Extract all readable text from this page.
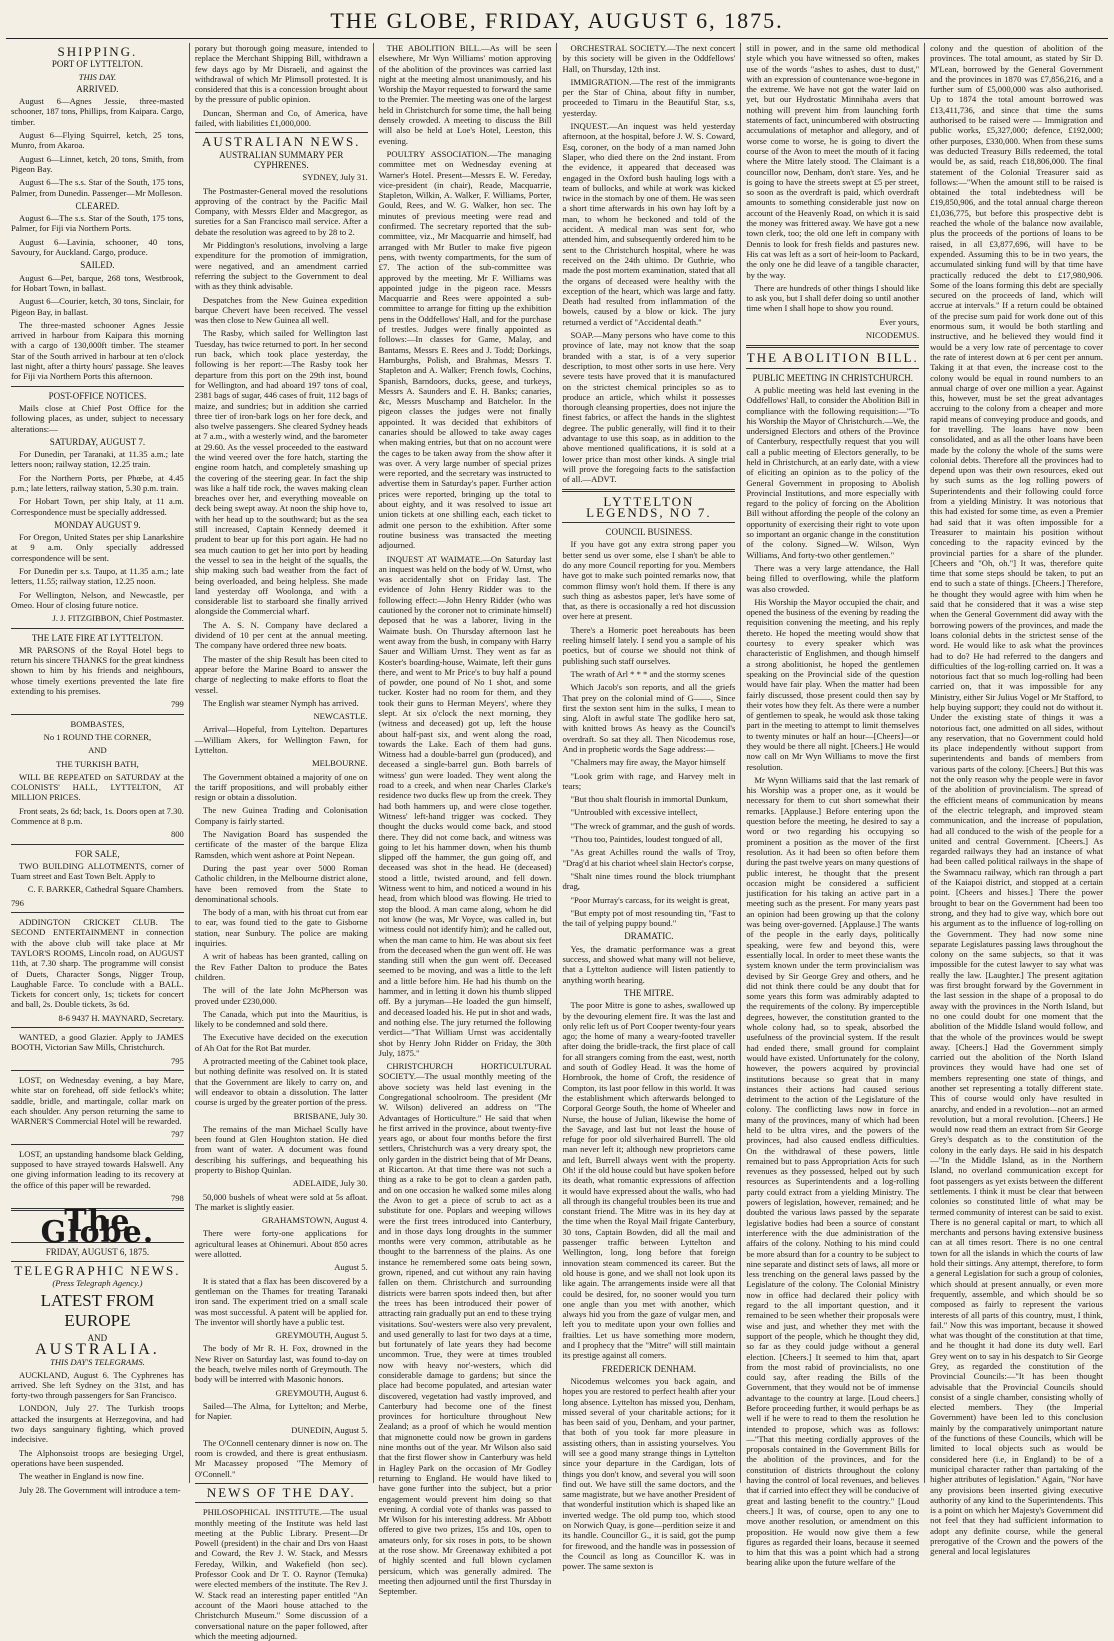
THE GLOBE, FRIDAY, AUGUST 6, 1875.
SHIPPING.
PORT OF LYTTELTON.
THIS DAY.
ARRIVED.

August 6—Agnes Jessie, three-masted schooner, 187 tons, Phillips, from Kaipara. Cargo, timber.

August 6—Flying Squirrel, ketch, 25 tons, Munro, from Akaroa.

August 6—Linnet, ketch, 20 tons, Smith, from Pigeon Bay.

August 6—The s.s. Star of the South, 175 tons, Palmer, from Dunedin. Passenger—Mr Molleson.

CLEARED.

August 6—The s.s. Star of the South, 175 tons, Palmer, for Fiji via Northern Ports.

August 6—Lavinia, schooner, 40 tons, Savoury, for Auckland. Cargo, produce.

SAILED.

August 6—Pet, barque, 268 tons, Westbrook, for Hobart Town, in ballast.

August 6—Courier, ketch, 30 tons, Sinclair, for Pigeon Bay, in ballast.

The three-masted schooner Agnes Jessie arrived in harbour from Kaipara this morning with a cargo of 130,000ft timber. The steamer Star of the South arrived in harbour at ten o'clock last night, after a thirty hours' passage. She leaves for Fiji via Northern Ports this afternoon.

POST-OFFICE NOTICES.

Mails close at Chief Post Office for the following places, as under, subject to necessary alterations:—

SATURDAY, AUGUST 7.

For Dunedin, per Taranaki, at 11.35 a.m.; late letters noon; railway station, 12.25 train.

For the Northern Ports, per Phœbe, at 4.45 p.m.; late letters, railway station, 5.30 p.m. train.

For Hobart Town, per ship Italy, at 11 a.m. Correspondence must be specially addressed.

MONDAY AUGUST 9.

For Oregon, United States per ship Lanarkshire at 9 a.m. Only specially addressed correspondence will be sent.

For Dunedin per s.s. Taupo, at 11.35 a.m.; late letters, 11.55; railway station, 12.25 noon.

For Wellington, Nelson, and Newcastle, per Omeo. Hour of closing future notice.

J. J. FITZGIBBON, Chief Postmaster.

THE LATE FIRE AT LYTTELTON.

MR PARSONS of the Royal Hotel begs to return his sincere THANKS for the great kindness shown to him by his friends and neighbours, whose timely exertions prevented the late fire extending to his premises.

799

BOMBASTES,

No 1 ROUND THE CORNER,

AND

THE TURKISH BATH,

WILL BE REPEATED on SATURDAY at the COLONISTS' HALL, LYTTELTON, AT MILLION PRICES.

Front seats, 2s 6d; back, 1s. Doors open at 7.30. Commence at 8 p.m.

800

FOR SALE,

TWO BUILDING ALLOTMENTS, corner of Tuam street and East Town Belt. Apply to

C. F. BARKER, Cathedral Square Chambers.

796

ADDINGTON CRICKET CLUB. The SECOND ENTERTAINMENT in connection with the above club will take place at Mr TAYLOR'S ROOMS, Lincoln road, on AUGUST 11th, at 7.30 sharp. The programme will consist of Duets, Character Songs, Nigger Troup, Laughable Farce. To conclude with a BALL. Tickets for concert only, 1s; tickets for concert and ball, 2s. Double tickets, 3s 6d.

8-6 9437 H. MAYNARD, Secretary.

WANTED, a good Glazier. Apply to JAMES BOOTH, Victorian Saw Mills, Christchurch.

795

LOST, on Wednesday evening, a bay Mare, white star on forehead, off side fetlock's white; saddle, bridle, and martingale, collar mark on each shoulder. Any person returning the same to WARNER'S Commercial Hotel will be rewarded.

797

LOST, an upstanding handsome black Gelding, supposed to have strayed towards Halswell. Any one giving information leading to its recovery at the office of this paper will be rewarded.

798

The Globe.
FRIDAY, AUGUST 6, 1875.
TELEGRAPHIC NEWS.
(Press Telegraph Agency.)
LATEST FROM EUROPE
AND
AUSTRALIA.
THIS DAY'S TELEGRAMS.

AUCKLAND, August 6. The Cyphrenes has arrived. She left Sydney on the 31st, and has forty-two through passengers for San Francisco.

LONDON, July 27. The Turkish troops attacked the insurgents at Herzegovina, and had two days sanguinary fighting, which proved indecisive.

The Alphonsoist troops are besieging Urgel, operations have been suspended.

The weather in England is now fine.

July 28. The Government will introduce a tem-

porary but thorough going measure, intended to replace the Merchant Shipping Bill, withdrawn a few days ago by Mr Disraeli, and against the withdrawal of which Mr Plimsoll protested. It is considered that this is a concession brought about by the pressure of public opinion.

Duncan, Sherman and Co, of America, have failed, with liabilities £1,000,000.

AUSTRALIAN NEWS.
AUSTRALIAN SUMMARY PER CYPHRENES.

SYDNEY, July 31.

The Postmaster-General moved the resolutions approving of the contract by the Pacific Mail Company, with Messrs Elder and Macgregor, as sureties for a San Francisco mail service. After a debate the resolution was agreed to by 28 to 2.

Mr Piddington's resolutions, involving a large expenditure for the promotion of immigration, were negatived, and an amendment carried referring the subject to the Government to deal with as they think advisable.

Despatches from the New Guinea expedition barque Chevert have been received. The vessel was then close to New Guinea all well.

The Rasby, which sailed for Wellington last Tuesday, has twice returned to port. In her second run back, which took place yesterday, the following is her report:—The Rasby took her departure from this port on the 29th inst, bound for Wellington, and had aboard 197 tons of coal, 2381 bags of sugar, 446 cases of fruit, 112 bags of maize, and sundries; but in addition she carried three tier of iron-bark logs on her fore deck, and also twelve passengers. She cleared Sydney heads at 7 a.m., with a westerly wind, and the barometer at 29.60. As the vessel proceeded to the eastward the wind veered over the fore hatch, starting the engine room hatch, and completely smashing up the covering of the steering gear. In fact the ship was like a half tide rock, the waves making clean breaches over her, and everything moveable on deck being swept away. At noon the ship hove to, with her head up to the southward; but as the sea still increased, Captain Kennedy deemed it prudent to bear up for this port again. He had no sea much caution to get her into port by heading the vessel to sea in the height of the squalls, the ship making such bad weather from the fact of being overloaded, and being helpless. She made land yesterday off Woolonga, and with a considerable list to starboard she finally arrived alongside the Commercial wharf.

The A. S. N. Company have declared a dividend of 10 per cent at the annual meeting. The company have ordered three new boats.

The master of the ship Result has been cited to appear before the Marine Board to answer the charge of neglecting to make efforts to float the vessel.

The English war steamer Nymph has arrived.

NEWCASTLE.

Arrival—Hopeful, from Lyttelton. Departures—William Akers, for Wellington Fawn, for Lyttelton.

MELBOURNE.

The Government obtained a majority of one on the tariff propositions, and will probably either resign or obtain a dissolution.

The new Guinea Trading and Colonisation Company is fairly started.

The Navigation Board has suspended the certificate of the master of the barque Eliza Ramsden, which went ashore at Point Nepean.

During the past year over 5000 Roman Catholic children, in the Melbourne district alone, have been removed from the State to denominational schools.

The body of a man, with his throat cut from ear to ear, was found tied to the gate to Gisborne station, near Sunbury. The police are making inquiries.

A writ of habeas has been granted, calling on the Rev Father Dalton to produce the Bates children.

The will of the late John McPherson was proved under £230,000.

The Canada, which put into the Mauritius, is likely to be condemned and sold there.

The Executive have decided on the execution of Ah Oat for the Rot Bat murder.

A protracted meeting of the Cabinet took place, but nothing definite was resolved on. It is stated that the Government are likely to carry on, and will endeavor to obtain a dissolution. The latter course is urged by the greater portion of the press.

BRISBANE, July 30.

The remains of the man Michael Scully have been found at Glen Houghton station. He died from want of water. A document was found describing his sufferings, and bequeathing his property to Bishop Quinlan.

ADELAIDE, July 30.

50,000 bushels of wheat were sold at 5s afloat. The market is slightly easier.

GRAHAMSTOWN, August 4.

There were forty-one applications for agricultural leases at Ohinemuri. About 850 acres were allotted.

August 5.

It is stated that a flax has been discovered by a gentleman on the Thames for treating Taranaki iron sand. The experiment tried on a small scale was most successful. A patent will be applied for. The inventor will shortly have a public test.

GREYMOUTH, August 5.

The body of Mr R. H. Fox, drowned in the New River on Saturday last, was found to-day on the beach, twelve miles north of Greymouth. The body will be interred with Masonic honors.

GREYMOUTH, August 6.

Sailed—The Alma, for Lyttelton; and Merbe, for Napier.

DUNEDIN, August 5.

The O'Connell centenary dinner is now on. The room is crowded, and there is great enthusiasm. Mr Macassey proposed "The Memory of O'Connell."

NEWS OF THE DAY.

PHILOSOPHICAL INSTITUTE.—The usual monthly meeting of the Institute was held last meeting at the Public Library. Present—Dr Powell (president) in the chair and Drs von Haast and Coward, the Rev J. W. Stack, and Messrs Fereday, Wilkin, and Wakefield (hon sec). Professor Cook and Dr T. O. Raynor (Temuka) were elected members of the institute. The Rev J. W. Stack read an interesting paper entitled "An account of the Maori house attached to the Christchurch Museum." Some discussion of a conversational nature on the paper followed, after which the meeting adjourned.

THE ABOLITION BILL.—As will be seen elsewhere, Mr Wyn Williams' motion approving of the abolition of the provinces was carried last night at the meeting almost unanimously, and his Worship the Mayor requested to forward the same to the Premier. The meeting was one of the largest held in Christchurch for some time, the hall being densely crowded. A meeting to discuss the Bill will also be held at Loe's Hotel, Leeston, this evening.

POULTRY ASSOCIATION.—The managing committee met on Wednesday evening at Warner's Hotel. Present—Messrs E. W. Fereday, vice-president (in chair), Reade, Macquarrie, Stapleton, Wilkin, A. Walker, F. Williams, Porter, Gould, Rees, and W. G. Walker, hon sec. The minutes of previous meeting were read and confirmed. The secretary reported that the sub-committee, viz., Mr Macquarrie and himself, had arranged with Mr Butler to make five pigeon pens, with twenty compartments, for the sum of £7. The action of the sub-committee was approved by the meeting. Mr F. Williams was appointed judge in the pigeon race. Messrs Macquarrie and Rees were appointed a sub-committee to arrange for fitting up the exhibition pens in the Oddfellows' Hall, and for the purchase of trestles. Judges were finally appointed as follows:—In classes for Game, Malay, and Bantams, Messrs E. Rees and J. Todd; Dorkings, Hamburghs, Polish, and Brahmas, Messrs T. Stapleton and A. Walker; French fowls, Cochins, Spanish, Barndoors, ducks, geese, and turkeys, Messrs A. Saunders and E. H. Banks; canaries, &c, Messrs Muschamp and Batchelor. In the pigeon classes the judges were not finally appointed. It was decided that exhibitors of canaries should be allowed to take away cages when making entries, but that on no account were the cages to be taken away from the show after it was over. A very large number of special prizes were reported, and the secretary was instructed to advertise them in Saturday's paper. Further action prices were reported, bringing up the total to about eighty, and it was resolved to issue art union tickets at one shilling each, each ticket to admit one person to the exhibition. After some routine business was transacted the meeting adjourned.

INQUEST AT WAIMATE.—On Saturday last an inquest was held on the body of W. Urnst, who was accidentally shot on Friday last. The evidence of John Henry Ridder was to the following effect:—John Henry Ridder (who was cautioned by the coroner not to criminate himself) deposed that he was a laborer, living in the Waimate bush. On Thursday afternoon last he went away from the bush, in company with Harry Sauer and William Urnst. They went as far as Koster's boarding-house, Waimate, left their guns there, and went to Mr Price's to buy half a pound of powder, one pound of No 1 shot, and some tucker. Koster had no room for them, and they took their guns to Herman Meyers', where they slept. At six o'clock the next morning, they (witness and deceased) got up, left the house about half-past six, and went along the road, towards the Lake. Each of them had guns. Witness had a double-barrel gun (produced), and deceased a single-barrel gun. Both barrels of witness' gun were loaded. They went along the road to a creek, and when near Charles Clarke's residence two ducks flew up from the creek. They had both hammers up, and were close together. Witness' left-hand trigger was cocked. They thought the ducks would come back, and stood there. They did not come back, and witness was going to let his hammer down, when his thumb slipped off the hammer, the gun going off, and deceased was shot in the head. He (deceased) stood a little, twisted around, and fell down. Witness went to him, and noticed a wound in his head, from which blood was flowing. He tried to stop the blood. A man came along, whom he did not know (he was, Mr Voyce, was called in, but witness could not identify him); and he called out, when the man came to him. He was about six feet from the deceased when the gun went off. He was standing still when the gun went off. Deceased seemed to be moving, and was a little to the left and a little before him. He had his thumb on the hammer, and in letting it down his thumb slipped off. By a juryman—He loaded the gun himself, and deceased loaded his. He put in shot and wads, and nothing else. The jury returned the following verdict—"That William Urnst was accidentally shot by Henry John Ridder on Friday, the 30th July, 1875."

CHRISTCHURCH HORTICULTURAL SOCIETY.—The usual monthly meeting of the above society was held last evening in the Congregational schoolroom. The president (Mr W. Wilson) delivered an address on "The Advantages of Horticulture." He said that when he first arrived in the province, about twenty-five years ago, or about four months before the first settlers, Christchurch was a very dreary spot, the only garden in the district being that of Mr Deans, at Riccarton. At that time there was not such a thing as a rake to be got to clean a garden path, and on one occasion he walked some miles along the Avon to get a piece of scrub to act as a substitute for one. Poplars and weeping willows were the first trees introduced into Canterbury, and in those days long droughts in the summer months were very common, attributable as he thought to the barrenness of the plains. As one instance he remembered some oats being sown, grown, ripened, and cut without any rain having fallen on them. Christchurch and surrounding districts were barren spots indeed then, but after the trees has been introduced their power of attracting rain gradually put an end to these trying visitations. Sou'-westers were also very prevalent, and used generally to last for two days at a time, but fortunately of late years they had become uncommon. True, they were at times troubled now with heavy nor'-westers, which did considerable damage to gardens; but since the place had become populated, and artesian water discovered, vegetation had vastly improved, and Canterbury had become one of the finest provinces for horticulture throughout New Zealand; as a proof of which he would mention that mignonette could now be grown in gardens nine months out of the year. Mr Wilson also said that the first flower show in Canterbury was held in Hagley Park on the occasion of Mr Godley returning to England. He would have liked to have gone further into the subject, but a prior engagement would prevent him doing so that evening. A cordial vote of thanks was passed to Mr Wilson for his interesting address. Mr Abbott offered to give two prizes, 15s and 10s, open to amateurs only, for six roses in pots, to be shown at the rose show. Mr Greenaway exhibited a pot of highly scented and full blown cyclamen persicum, which was generally admired. The meeting then adjourned until the first Thursday in September.

ORCHESTRAL SOCIETY.—The next concert by this society will be given in the Oddfellows' Hall, on Thursday, 12th inst.

IMMIGRATION.—The rest of the immigrants per the Star of China, about fifty in number, proceeded to Timaru in the Beautiful Star, s.s, yesterday.

INQUEST.—An inquest was held yesterday afternoon, at the hospital, before J. W. S. Coward, Esq, coroner, on the body of a man named John Slaper, who died there on the 2nd instant. From the evidence, it appeared that deceased was engaged in the Oxford bush hauling logs with a team of bullocks, and while at work was kicked twice in the stomach by one of them. He was seen a short time afterwards in his own hay loft by a man, to whom he beckoned and told of the accident. A medical man was sent for, who attended him, and subsequently ordered him to be sent to the Christchurch hospital, where he was received on the 24th ultimo. Dr Guthrie, who made the post mortem examination, stated that all the organs of deceased were healthy with the exception of the heart, which was large and fatty. Death had resulted from inflammation of the bowels, caused by a blow or kick. The jury returned a verdict of "Accidental death."

SOAP.—Many persons who have come to this province of late, may not know that the soap branded with a star, is of a very superior description, to most other sorts in use here. Very severe tests have proved that it is manufactured on the strictest chemical principles so as to produce an article, which whilst it possesses thorough cleansing properties, does not injure the finest fabrics, or affect the hands in the slightest degree. The public generally, will find it to their advantage to use this soap, as in addition to the above mentioned qualifications, it is sold at a lower price than most other kinds. A single trial will prove the foregoing facts to the satisfaction of all.—ADVT.

LYTTELTON LEGENDS, NO 7.
COUNCIL BUSINESS.

If you have got any extra strong paper you better send us over some, else I shan't be able to do any more Council reporting for you. Members have got to make such pointed remarks now, that common flimsy won't hold them. If there is any such thing as asbestos paper, let's have some of that, as there is occasionally a red hot discussion over here at present.

There's a Homeric poet hereabouts has been reeling himself lately. I send you a sample of his poetics, but of course we should not think of publishing such staff ourselves.

The wrath of Arl * * * and the stormy scenes

Which Jacob's son reports, and all the griefs That prey on the colonial mind of G——, Since first the sexton sent him in the sulks, I mean to sing. Aloft in awful state The godlike hero sat, with knitted brows As heavy as the Council's overdraft. So sat they all. Then Nicodemus rose, And in prophetic words the Sage address:—

"Chalmers may fire away, the Mayor himself

"Look grim with rage, and Harvey melt in tears;

"But thou shalt flourish in immortal Dunkum,

"Untroubled with excessive intellect,

"The wreck of grammar, and the gush of words.

"Thou too, Paintides, loudest tongued of all,

"As great Achilles round the walls of Troy, "Drag'd at his chariot wheel slain Hector's corpse,

"Shalt nine times round the block triumphant drag,

"Poor Murray's carcass, for its weight is great,

"But empty pot of most resounding tin, "Fast to the tail of yelping puppy bound."

DRAMATIC.

Yes, the dramatic performance was a great success, and showed what many will not believe, that a Lyttelton audience will listen patiently to anything worth hearing.

THE MITRE.

The poor Mitre is gone to ashes, swallowed up by the devouring element fire. It was the last and only relic left us of Port Cooper twenty-four years ago; the home of many a weary-footed traveller after doing the bridle-track, the first place of call for all strangers coming from the east, west, north and south of Godley Head. It was the home of Hornbrook, the home of Croft, the residence of Compton, its last poor fellow in this world. It was the establishment which afterwards belonged to Corporal George South, the home of Wheeler and Nurse, the house of Julian, likewise the home of the Savage, and last but not least the house of refuge for poor old silverhaired Burrell. The old man never left it; although new proprietors came and left, Burrell always went with the property. Oh! if the old house could but have spoken before its death, what romantic expressions of affection it would have expressed about the walls, who had all through its changeful troubles been its true and constant friend. The Mitre was in its hey day at the time when the Royal Mail frigate Canterbury, 30 tons, Captain Bowden, did all the mail and passenger traffic between Lyttelton and Wellington, long, long before that foreign innovation steam commenced its career. But the old house is gone, and we shall not look upon its like again. The arrangements inside were all that could be desired, for, no sooner would you turn one angle than you met with another, which always hid you from the gaze of vulgar men, and left you to meditate upon your own follies and frailties. Let us have something more modern, and I prophecy that the "Mitre" will still maintain its prestige against all comers.

FREDERICK DENHAM.

Nicodemus welcomes you back again, and hopes you are restored to perfect health after your long absence. Lyttelton has missed you, Denham, missed several of your charitable actions; for it has been said of you, Denham, and your partner, that both of you took far more pleasure in assisting others, than in assisting yourselves. You will see a good many strange things in Lyttelton since your departure in the Cardigan, lots of things you don't know, and several you will soon find out. We have still the same doctors, and the same magistrate, but we have another President of that wonderful institution which is shaped like an inverted wedge. The old pump too, which stood on Norwich Quay, is gone—perdition seize it and its handle. Councillor G., it is said, got the pump for firewood, and the handle was in possession of the Council as long as Councillor K. was in power. The same sexton is

still in power, and in the same old methodical style which you have witnessed so often, makes use of the words "ashes to ashes, dust to dust," with an expression of countenance woe-begone in the extreme. We have not got the water laid on yet, but our Hydrostatic Minnihaha avers that nothing will prevent him from launching forth statements of fact, unincumbered with obstructing accumulations of metaphor and allegory, and of worse come to worse, he is going to divert the course of the Avon to meet the mouth of it facing where the Mitre lately stood. The Claimant is a councillor now, Denham, don't stare. Yes, and he is going to have the streets swept at £5 per street, so soon as the overdraft is paid, which overdraft amounts to something considerable just now on account of the Heavenly Road, on which it is said the money was frittered away. We have got a new town clerk, too; the old one left in company with Dennis to look for fresh fields and pastures new. His cat was left as a sort of heir-loom to Packard, the only one he did leave of a tangible character, by the way.

There are hundreds of other things I should like to ask you, but I shall defer doing so until another time when I shall hope to show you round.

Ever yours,

NICODEMUS.

THE ABOLITION BILL.
PUBLIC MEETING IN CHRISTCHURCH.

A public meeting was held last evening in the Oddfellows' Hall, to consider the Abolition Bill in compliance with the following requisition:—"To his Worship the Mayor of Christchurch.—We, the undersigned Electors and others of the Province of Canterbury, respectfully request that you will call a public meeting of Electors generally, to be held in Christchurch, at an early date, with a view of eliciting an opinion as to the policy of the General Government in proposing to Abolish Provincial Institutions, and more especially with regard to the policy of forcing on the Abolition Bill without affording the people of the colony an opportunity of exercising their right to vote upon so important an organic change in the constitution of the colony. Signed—W. Wilson, Wyn Williams, And forty-two other gentlemen."

There was a very large attendance, the Hall being filled to overflowing, while the platform was also crowded.

His Worship the Mayor occupied the chair, and opened the business of the evening by reading the requisition convening the meeting, and his reply thereto. He hoped the meeting would show that courtesy to every speaker which was characteristic of Englishmen, and though himself a strong abolitionist, he hoped the gentlemen speaking on the Provincial side of the question would have fair play. When the matter had been fairly discussed, those present could then say by their votes how they felt. As there were a number of gentlemen to speak, he would ask those taking part in the meeting to attempt to limit themselves to twenty minutes or half an hour—[Cheers]—or they would be there all night. [Cheers.] He would now call on Mr Wyn Williams to move the first resolution.

Mr Wynn Williams said that the last remark of his Worship was a proper one, as it would be necessary for them to cut short somewhat their remarks. [Applause.] Before entering upon the question before the meeting, he desired to say a word or two regarding his occupying so prominent a position as the mover of the first resolution. As it had been so often before them during the past twelve years on many questions of public interest, he thought that the present occasion might be considered a sufficient justification for his taking an active part in a meeting such as the present. For many years past an opinion had been growing up that the colony was being over-governed. [Applause.] The wants of the people in the early days, politically speaking, were few and beyond this, were essentially local. In order to meet these wants the system known under the term provincialism was devised by Sir George Grey and others, and he did not think there could be any doubt that for some years this form was admirably adapted to the requirements of the colony. By imperceptible degrees, however, the constitution granted to the whole colony had, so to speak, absorbed the usefulness of the provincial system. If the result had ended there, small ground for complaint would have existed. Unfortunately for the colony, however, the powers acquired by provincial institutions because so great that in many instances their actions had caused serious detriment to the action of the Legislature of the colony. The conflicting laws now in force in many of the provinces, many of which had been held to be ultra vires, and the powers of the provinces, had also caused endless difficulties. On the withdrawal of these powers, little remained but to pass Appropriation Acts for such revenues as they possessed, helped out by such resources as Superintendents and a log-rolling party could extract from a yielding Ministry. The powers of legislation, however, remained; and he doubted the various laws passed by the separate legislative bodies had been a source of constant interference with the due administration of the affairs of the colony. Nothing to his mind could be more absurd than for a country to be subject to nine separate and distinct sets of laws, all more or less trenching on the general laws passed by the Legislature of the colony. The Colonial Ministry now in office had declared their policy with regard to the all important question, and it remained to be seen whether their proposals were wise and just, and whether they met with the support of the people, which he thought they did, so far as they could judge without a general election. [Cheers.] It seemed to him that, apart from the most rabid of provincialists, no one could say, after reading the Bills of the Government, that they would not be of immense advantage to the country at large. [Loud cheers.] Before proceeding further, it would perhaps be as well if he were to read to them the resolution he intended to propose, which was as follows:—"That this meeting cordially approves of the proposals contained in the Government Bills for the abolition of the provinces, and for the constitution of districts throughout the colony having the control of local revenues, and believes that if carried into effect they will be conducive of great and lasting benefit to the country." [Loud cheers.] It was, of course, open to any one to move another resolution, or amendment on this proposition. He would now give them a few figures as regarded their loans, because it seemed to him that this was a point which had a strong bearing alike upon the future welfare of the

colony and the question of abolition of the provinces. The total amount, as stated by Sir D. M'Lean, borrowed by the General Government and the provinces in 1870 was £7,856,216, and a further sum of £5,000,000 was also authorised. Up to 1874 the total amount borrowed was £13,411,736, and since that time the sums authorised to be raised were — Immigration and public works, £5,327,000; defence, £192,000; other purposes, £330,000. When from these sums was deducted Treasury Bills redeemed, the total would be, as said, reach £18,806,000. The final statement of the Colonial Treasurer said as follows:—"When the amount still to be raised is obtained the total indebtedness will be £19,850,906, and the total annual charge thereon £1,036,775, but before this prospective debt is reached the whole of the balance now available, plus the proceeds of the portions of loans to be raised, in all £3,877,696, will have to be expended. Assuming this to be in two years, the accumulated sinking fund will by that time have practically reduced the debt to £17,980,906. Some of the loans forming this debt are specially secured on the proceeds of land, which will accrue at intervals." If a return could be obtained of the precise sum paid for work done out of this enormous sum, it would be both startling and instructive, and he believed they would find it would be a very low rate of percentage to cover the rate of interest down at 6 per cent per annum. Taking it at that even, the increase cost to the colony would be equal in round numbers to an annual charge of over one million a year. Against this, however, must be set the great advantages accruing to the colony from a cheaper and more rapid means of conveying produce and goods, and for travelling. The loans have now been consolidated, and as all the other loans have been made by the colony the whole of the sums were colonial debts. Therefore all the provinces had to depend upon was their own resources, eked out by such sums as the log rolling powers of Superintendents and their following could force from a yielding Ministry. It was notorious that this had existed for some time, as even a Premier had said that it was often impossible for a Treasurer to maintain his position without conceding to the rapacity evinced by the provincial parties for a share of the plunder. [Cheers and "Oh, oh."] It was, therefore quite time that some steps should be taken, to put an end to such a state of things. [Cheers.] Therefore, he thought they would agree with him when he said that he considered that it was a wise step when the General Government did away with the borrowing powers of the provinces, and made the loans colonial debts in the strictest sense of the word. He would like to ask what the provinces had to do? He had referred to the dangers and difficulties of the log-rolling carried on. It was a notorious fact that so much log-rolling had been carried on, that it was impossible for any Ministry, either Sir Julius Vogel or Mr Stafford, to help buying support; they could not do without it. Under the existing state of things it was a notorious fact, one admitted on all sides, without any reservation, that no Government could hold its place independently without support from superintendents and bands of members from various parts of the colony. [Cheers.] But this was not the only reason why the people were in favor of the abolition of provincialism. The spread of the efficient means of communication by means of the electric telegraph, and improved steam communication, and the increase of population, had all conduced to the wish of the people for a united and central Government. [Cheers.] As regarded railways they had an instance of what had been called political railways in the shape of the Swamnacu railway, which ran through a part of the Kaiapoi district, and stopped at a certain point. [Cheers and hisses.] There the power brought to bear on the Government had been too strong, and they had to give way, which bore out his argument as to the influence of log-rolling on the Government. They had now some nine separate Legislatures passing laws throughout the colony on the same subjects, so that it was impossible for the cutest lawyer to say what was really the law. [Laughter.] The present agitation was first brought forward by the Government in the last session in the shape of a proposal to do away with the provinces in the North Island, but no one could doubt for one moment that the abolition of the Middle Island would follow, and that the whole of the provinces would be swept away. [Cheers.] Had the Government simply carried out the abolition of the North Island provinces they would have had one set of members representing one state of things, and another set representing a totally different state. This of course would only have resulted in anarchy, and ended in a revolution—not an armed revolution, but a moral revolution. [Cheers.] He would now read them an extract from Sir George Grey's despatch as to the constitution of the colony in the early days. He said in his despatch—"In the Middle Island, as in the Northern Island, no overland communication except for foot passengers as yet exists between the different settlements. I think it must be clear that between colonies so constituted little of what may be termed community of interest can be said to exist. There is no general capital or mart, to which all merchants and persons having extensive business can at all times resort. There is no one central town for all the islands in which the courts of law hold their sittings. Any attempt, therefore, to form a general Legislation for such a group of colonies, which should at present annually, or even more frequently, assemble, and which should be so composed as fairly to represent the various interests of all parts of this country, must, I think, fail." Now this was important, because it showed what was thought of the constitution at that time, and he thought it had done its duty well. Earl Grey went on to say in his despatch to Sir George Grey, as regarded the constitution of the Provincial Councils:—"It has been thought advisable that the Provincial Councils should consist of a single chamber, consisting wholly of elected members. They (the Imperial Government) have been led to this conclusion mainly by the comparatively unimportant nature of the functions of these Councils, which will be limited to local objects such as would be considered here (i.e, in England) to be of a municipal character rather than partaking of the higher attributes of legislation." Again, "Nor have any provisions been inserted giving executive authority of any kind to the Superintendents. This is a point on which her Majesty's Government did not feel that they had sufficient information to adopt any definite course, while the general prerogative of the Crown and the powers of the general and local legislatures
